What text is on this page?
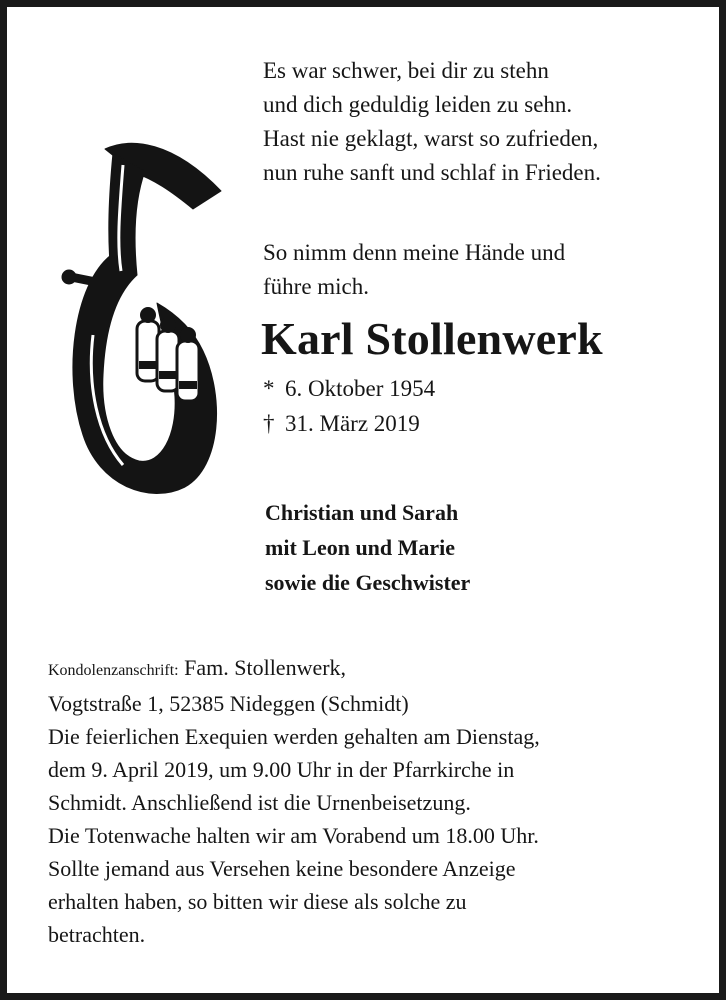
Es war schwer, bei dir zu stehn

und dich geduldig leiden zu sehn.

Hast nie geklagt, warst so zufrieden,

nun ruhe sanft und schlaf in Frieden.

So nimm denn meine Hände und

führe mich.

Karl Stollenwerk
* 6. Oktober 1954
† 31. März 2019
Christian und Sarah
mit Leon und Marie
sowie die Geschwister
Kondolenzanschrift: Fam. Stollenwerk,
Vogtstraße 1, 52385 Nideggen (Schmidt)
Die feierlichen Exequien werden gehalten am Dienstag,
dem 9. April 2019, um 9.00 Uhr in der Pfarrkirche in
Schmidt. Anschließend ist die Urnenbeisetzung.
Die Totenwache halten wir am Vorabend um 18.00 Uhr.
Sollte jemand aus Versehen keine besondere Anzeige
erhalten haben, so bitten wir diese als solche zu
betrachten.
